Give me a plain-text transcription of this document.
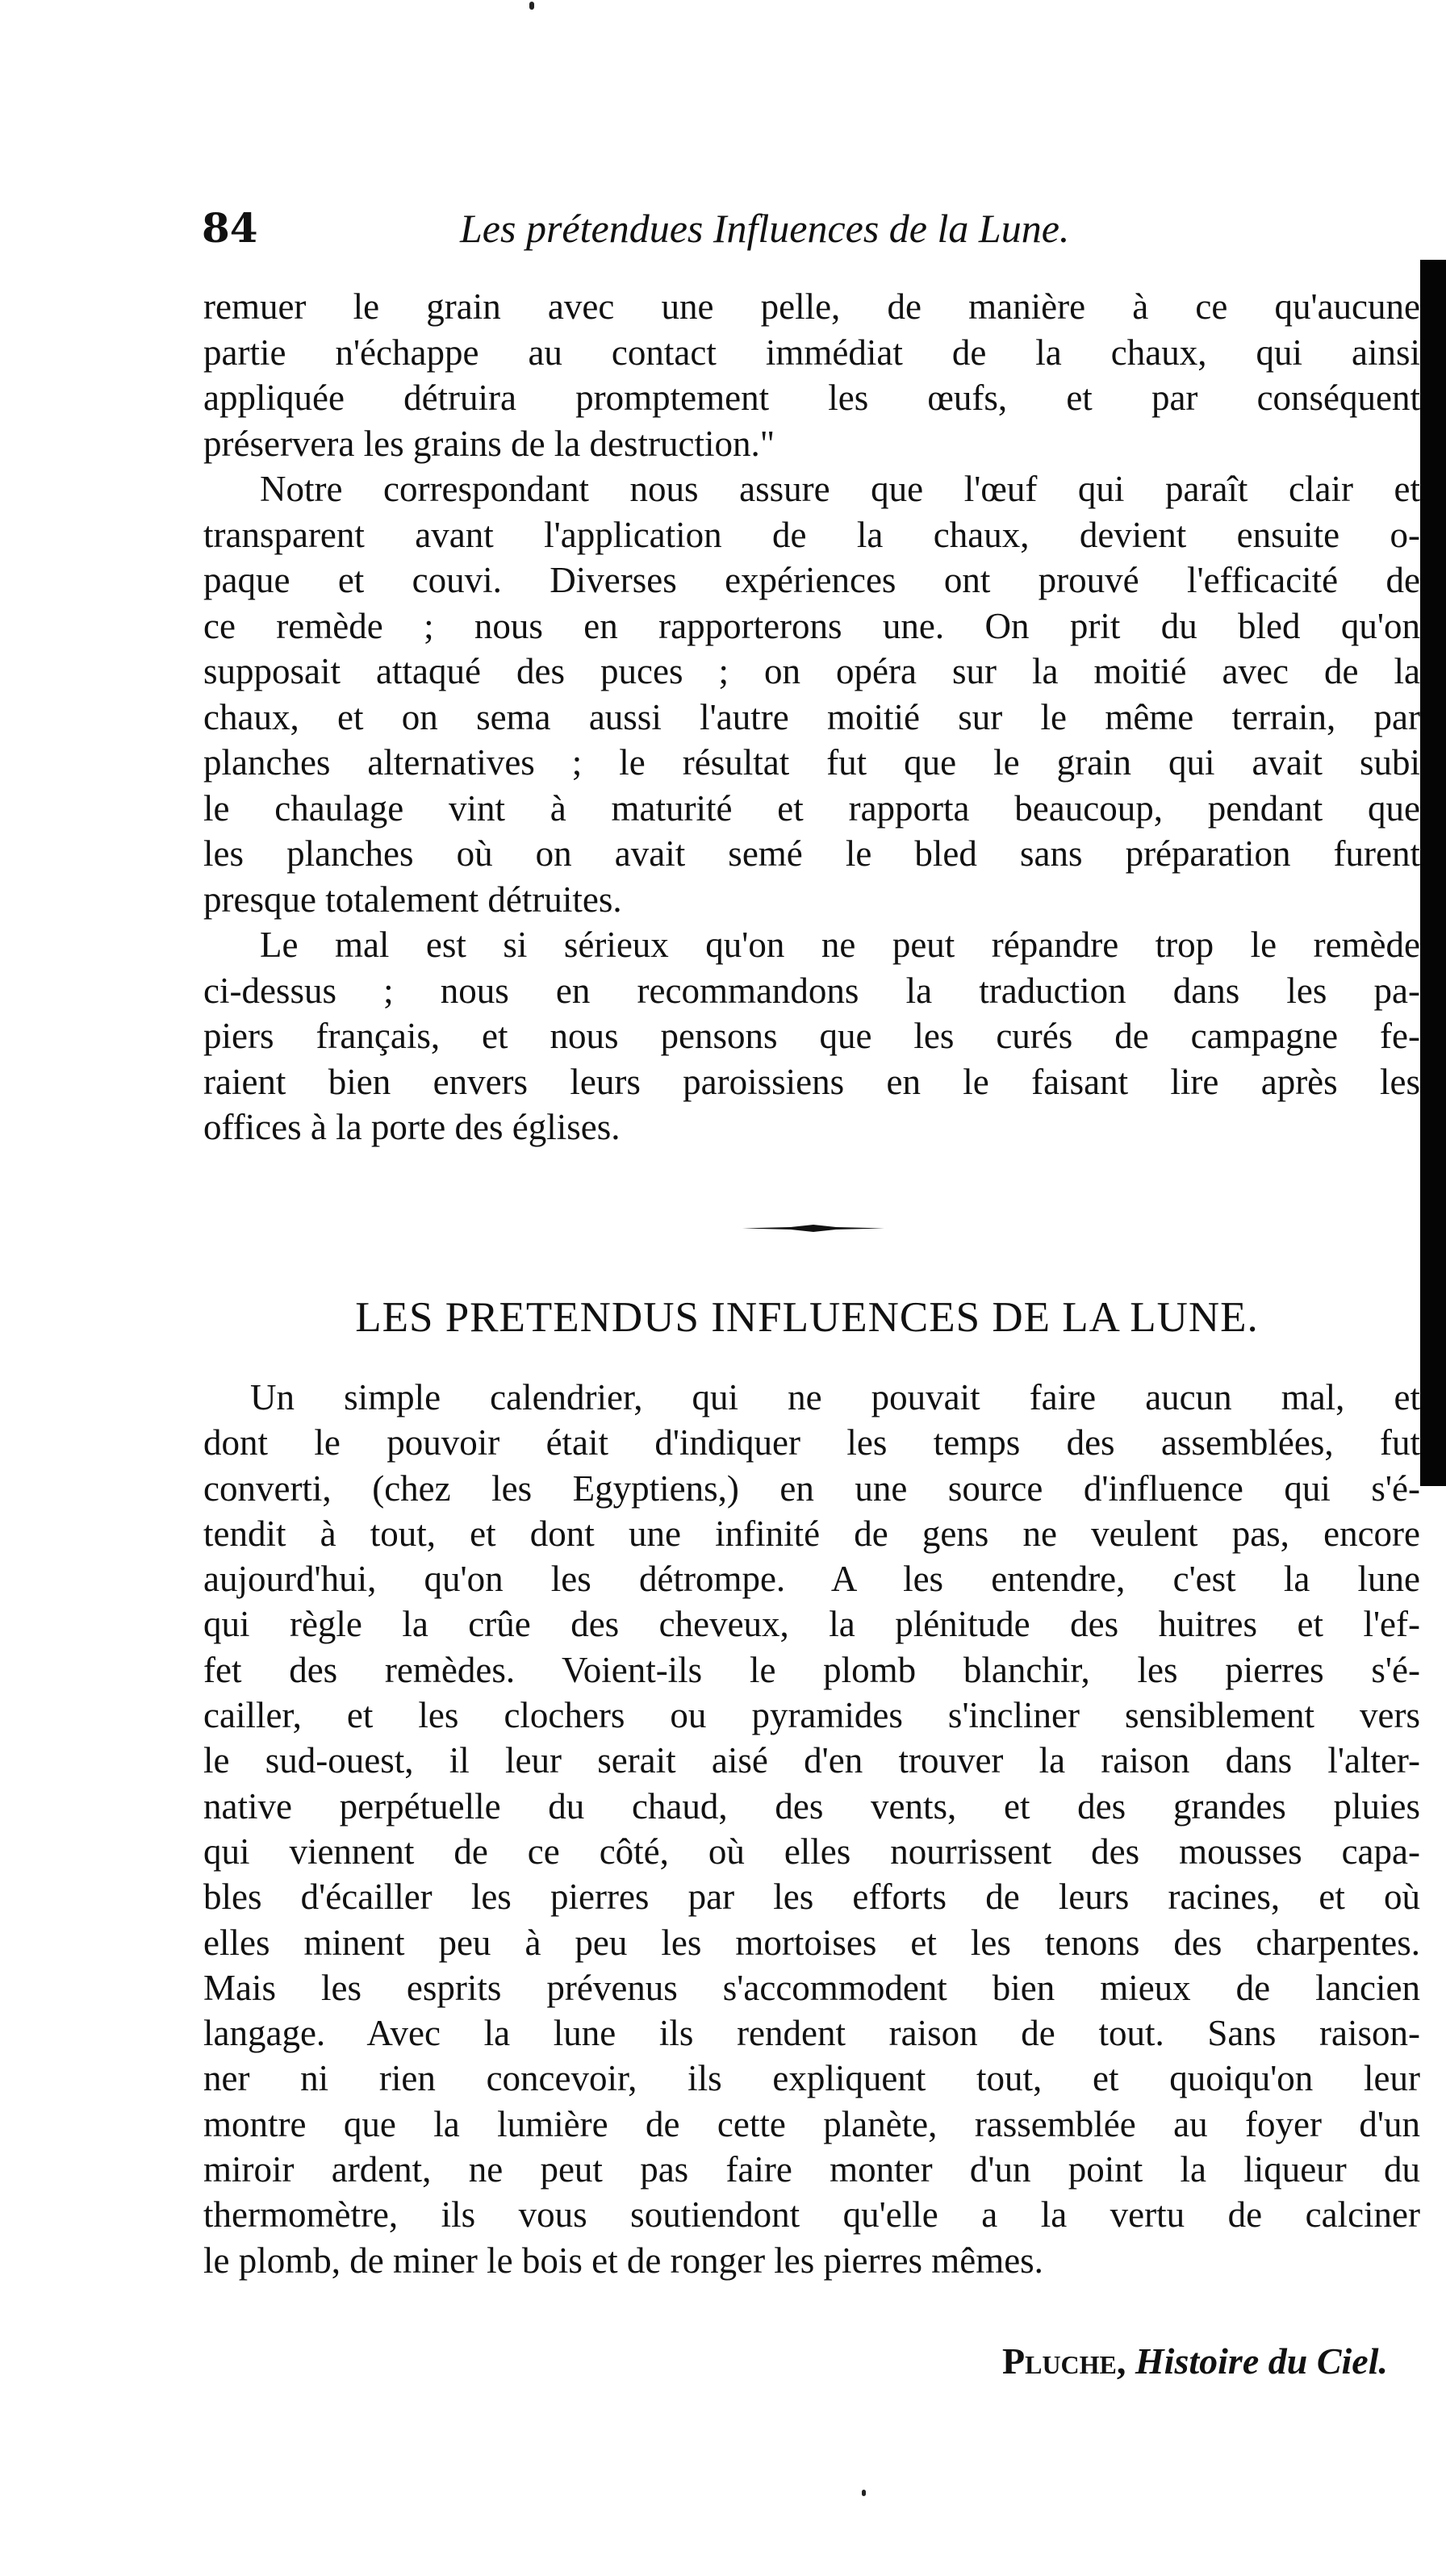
84	Les prétendues Influences de la Lune.
remuer le grain avec une pelle, de manière à ce qu'aucune
partie n'échappe au contact immédiat de la chaux, qui ainsi
appliquée détruira promptement les œufs, et par conséquent
préservera les grains de la destruction."
Notre correspondant nous assure que l'œuf qui paraît clair et
transparent avant l'application de la chaux, devient ensuite o-
paque et couvi. Diverses expériences ont prouvé l'efficacité de
ce remède ; nous en rapporterons une. On prit du bled qu'on
supposait attaqué des puces ; on opéra sur la moitié avec de la
chaux, et on sema aussi l'autre moitié sur le même terrain, par
planches alternatives ; le résultat fut que le grain qui avait subi
le chaulage vint à maturité et rapporta beaucoup, pendant que
les planches où on avait semé le bled sans préparation furent
presque totalement détruites.
Le mal est si sérieux qu'on ne peut répandre trop le remède
ci-dessus ; nous en recommandons la traduction dans les pa-
piers français, et nous pensons que les curés de campagne fe-
raient bien envers leurs paroissiens en le faisant lire après les
offices à la porte des églises.
LES PRETENDUS INFLUENCES DE LA LUNE.
Un simple calendrier, qui ne pouvait faire aucun mal, et
dont le pouvoir était d'indiquer les temps des assemblées, fut
converti, (chez les Egyptiens,) en une source d'influence qui s'é-
tendit à tout, et dont une infinité de gens ne veulent pas, encore
aujourd'hui, qu'on les détrompe. A les entendre, c'est la lune
qui règle la crûe des cheveux, la plénitude des huitres et l'ef-
fet des remèdes. Voient-ils le plomb blanchir, les pierres s'é-
cailler, et les clochers ou pyramides s'incliner sensiblement vers
le sud-ouest, il leur serait aisé d'en trouver la raison dans l'alter-
native perpétuelle du chaud, des vents, et des grandes pluies
qui viennent de ce côté, où elles nourrissent des mousses capa-
bles d'écailler les pierres par les efforts de leurs racines, et où
elles minent peu à peu les mortoises et les tenons des charpentes.
Mais les esprits prévenus s'accommodent bien mieux de lancien
langage. Avec la lune ils rendent raison de tout. Sans raison-
ner ni rien concevoir, ils expliquent tout, et quoiqu'on leur
montre que la lumière de cette planète, rassemblée au foyer d'un
miroir ardent, ne peut pas faire monter d'un point la liqueur du
thermomètre, ils vous soutiendont qu'elle a la vertu de calciner
le plomb, de miner le bois et de ronger les pierres mêmes.
Pluche, Histoire du Ciel.
